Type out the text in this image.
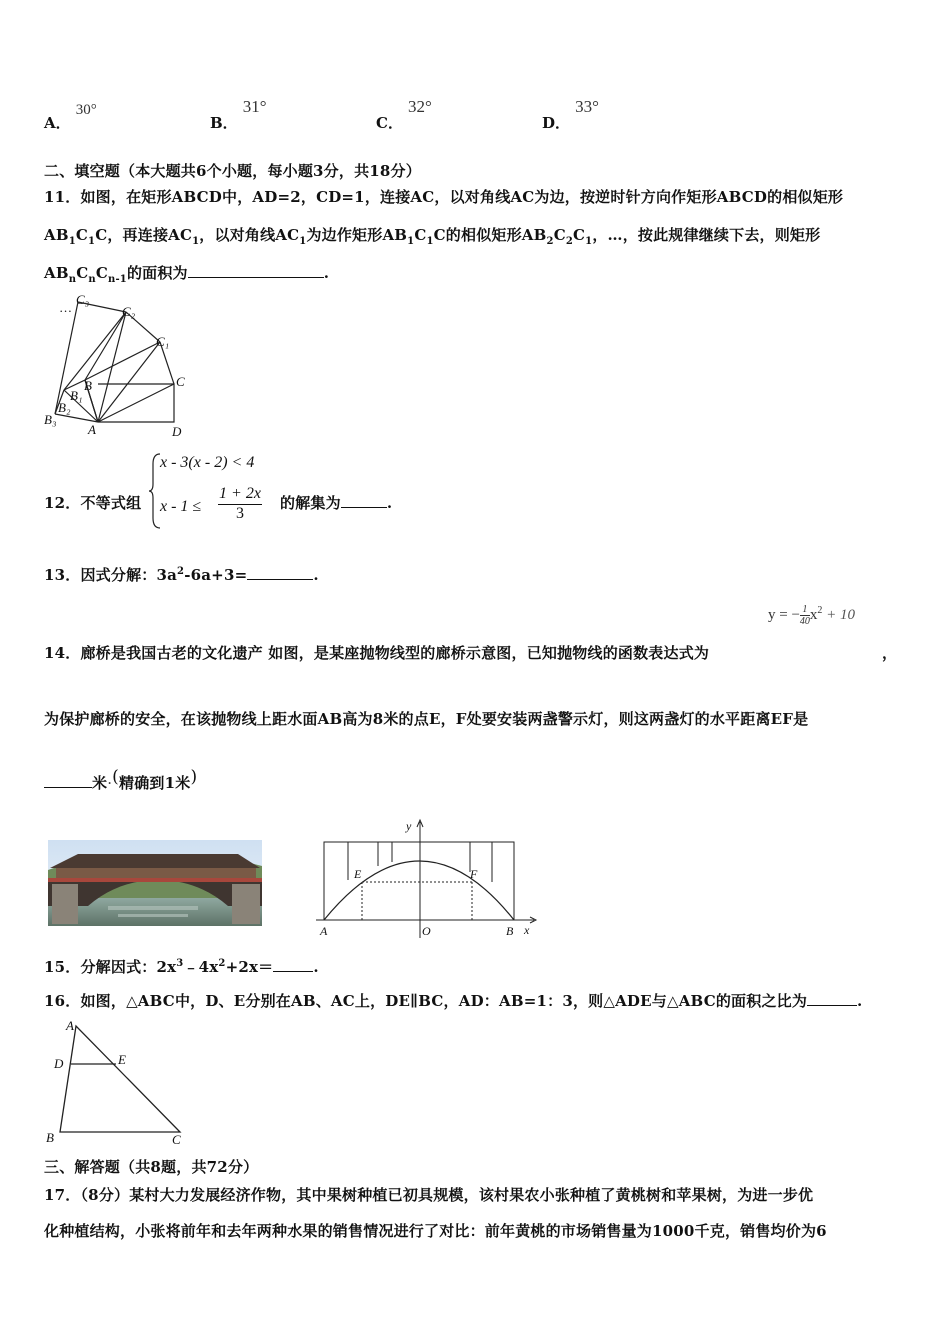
A． 30°
B． 31°
C． 32°
D． 33°
二、填空题（本大题共6个小题，每小题3分，共18分）
11．如图，在矩形ABCD中，AD=2，CD=1，连接AC，以对角线AC为边，按逆时针方向作矩形ABCD的相似矩形
$AB_1C_1C$，再连接$AC_1$，以对角线$AC_1$为边作矩形$AB_1C_1C$的相似矩形$AB_2C_2C_1$，…，按此规律继续下去，则矩形
$AB_nC_nC_{n-1}$的面积为	.
…
C₃
C₂
C₁
C
B
B₁
B₂
B₃
A	D
12．不等式组
x - 3(x - 2) < 4
$x - 1 \le \frac{1 + 2x}{3}$ 的解集为	.
13．因式分解：$3a^2-6a+3=$	.
y = − $\frac{1}{40} x^2 + 10$
14．廊桥是我国古老的文化遗产 如图，是某座抛物线型的廊桥示意图，已知抛物线的函数表达式为	，
为保护廊桥的安全，在该抛物线上距水面AB高为8米的点E，F处要安装两盏警示灯，则这两盏灯的水平距离EF是
米·(精确到1米)
y
x
E	F
A	O	B
15．分解因式：$2x^3﹣4x^2+2x=$	.
16．如图，△ABC中，D、E分别在AB、AC上，DE∥BC，AD：AB=1：3，则△ADE与△ABC的面积之比为	.
A
D	E
B	C
三、解答题（共8题，共72分）
17．（8分）某村大力发展经济作物，其中果树种植已初具规模，该村果农小张种植了黄桃树和苹果树，为进一步优
化种植结构，小张将前年和去年两种水果的销售情况进行了对比：前年黄桃的市场销售量为1000千克，销售均价为6
